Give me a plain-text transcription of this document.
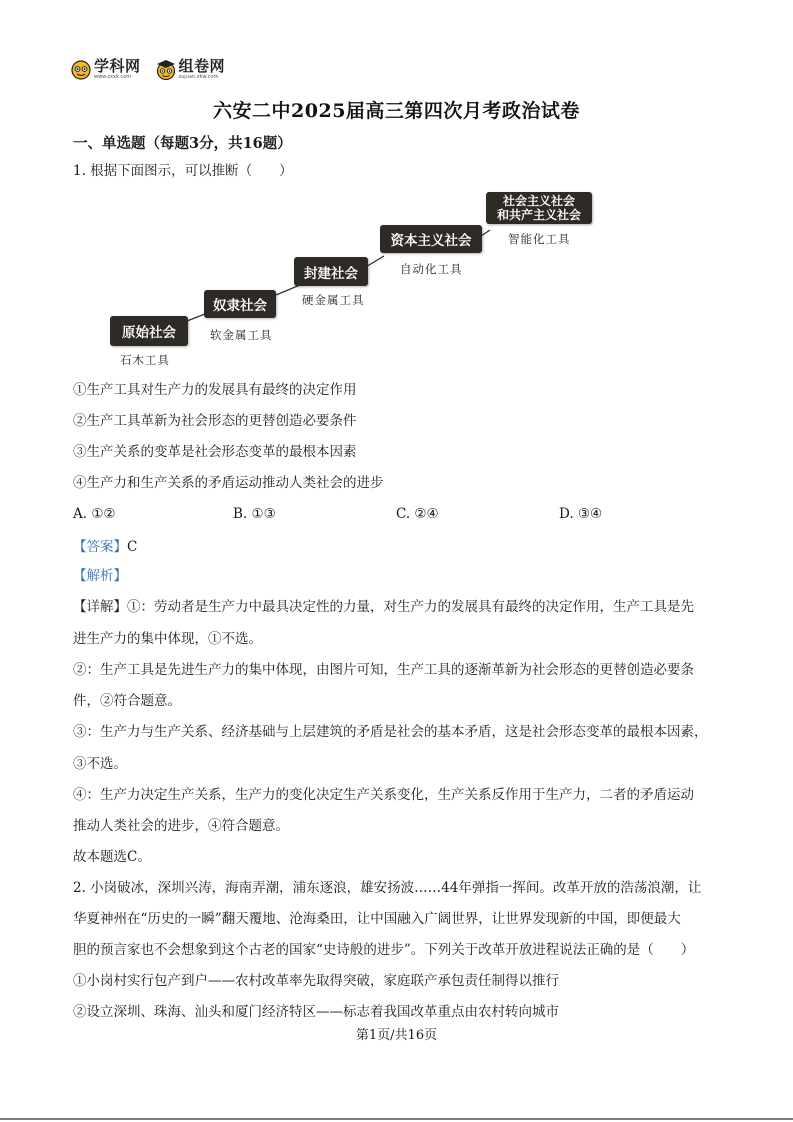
学科网
www.zxxk.com
组卷网
zujuan.xkw.com
六安二中2025届高三第四次月考政治试卷
一、单选题（每题3分，共16题）
1. 根据下面图示，可以推断（　　）
原始社会
石木工具
奴隶社会
软金属工具
封建社会
硬金属工具
资本主义社会
自动化工具
社会主义社会
和共产主义社会
智能化工具
①生产工具对生产力的发展具有最终的决定作用
②生产工具革新为社会形态的更替创造必要条件
③生产关系的变革是社会形态变革的最根本因素
④生产力和生产关系的矛盾运动推动人类社会的进步
A. ①②	B. ①③	C. ②④	D. ③④
【答案】C
【解析】
【详解】①：劳动者是生产力中最具决定性的力量，对生产力的发展具有最终的决定作用，生产工具是先
进生产力的集中体现，①不选。
②：生产工具是先进生产力的集中体现，由图片可知，生产工具的逐渐革新为社会形态的更替创造必要条
件，②符合题意。
③：生产力与生产关系、经济基础与上层建筑的矛盾是社会的基本矛盾，这是社会形态变革的最根本因素，
③不选。
④：生产力决定生产关系，生产力的变化决定生产关系变化，生产关系反作用于生产力，二者的矛盾运动
推动人类社会的进步，④符合题意。
故本题选C。
2. 小岗破冰，深圳兴涛，海南弄潮，浦东逐浪，雄安扬波……44年弹指一挥间。改革开放的浩荡浪潮，让
华夏神州在“历史的一瞬”翻天覆地、沧海桑田，让中国融入广阔世界，让世界发现新的中国，即便最大
胆的预言家也不会想象到这个古老的国家“史诗般的进步”。下列关于改革开放进程说法正确的是（　　）
①小岗村实行包产到户——农村改革率先取得突破，家庭联产承包责任制得以推行
②设立深圳、珠海、汕头和厦门经济特区——标志着我国改革重点由农村转向城市
第1页/共16页
